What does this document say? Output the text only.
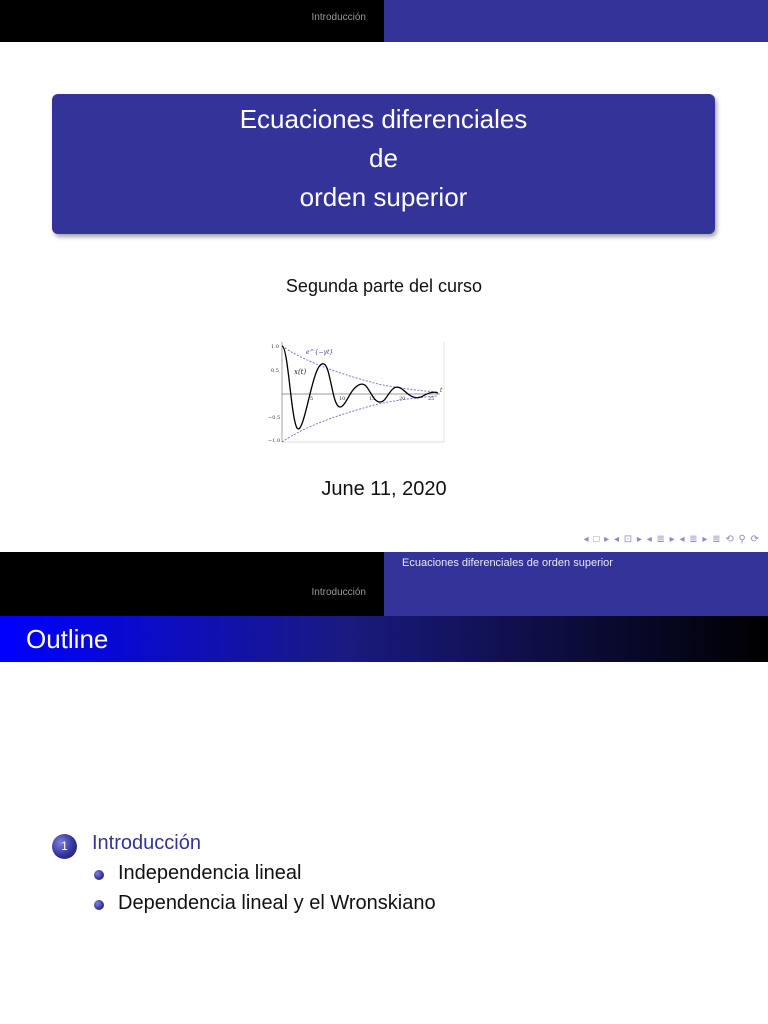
Introducción
Ecuaciones diferenciales
de
orden superior
Segunda parte del curso
1.0
0.5
−0.5
−1.0
5	10	15	20	25
t
x(t)
e^{−γt}
June 11, 2020
◂ □ ▸ ◂ ⊡ ▸ ◂ ≣ ▸ ◂ ≣ ▸ ≣ ⟲ ⚲ ⟳
Introducción
Ecuaciones diferenciales de orden superior
Outline
1	Introducción
Independencia lineal
Dependencia lineal y el Wronskiano
